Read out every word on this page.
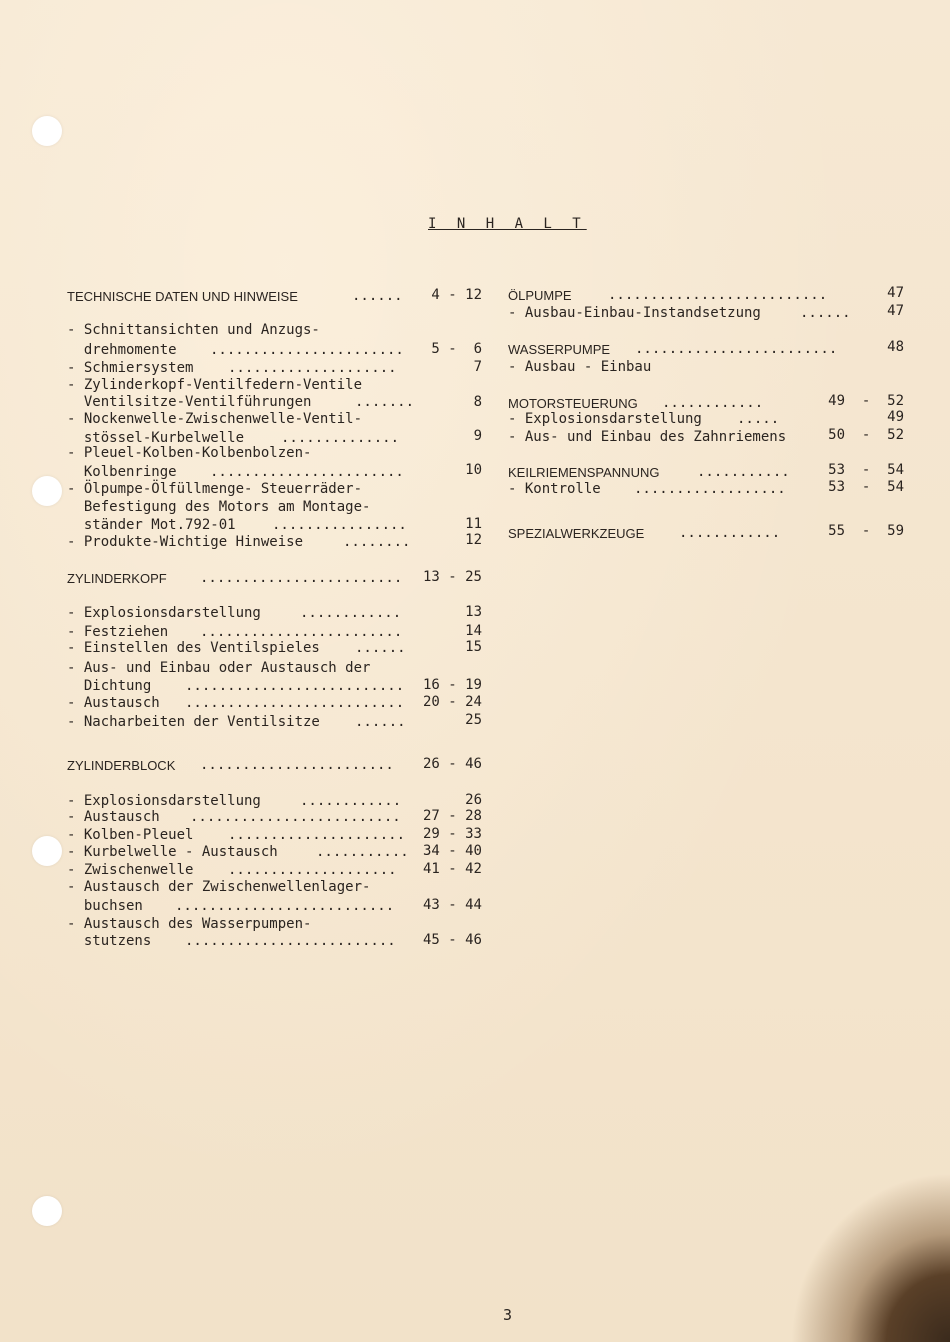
I N H A L T
TECHNISCHE DATEN UND HINWEISE	...... 4 - 12
- Schnittansichten und Anzugs-
drehmomente ....................... 5 -  6
- Schmiersystem ....................	7
- Zylinderkopf-Ventilfedern-Ventile
Ventilsitze-Ventilführungen	.......	8
- Nockenwelle-Zwischenwelle-Ventil-
stössel-Kurbelwelle	..............	9
- Pleuel-Kolben-Kolbenbolzen-
Kolbenringe .......................	10
- Ölpumpe-Ölfüllmenge- Steuerräder-
Befestigung des Motors am Montage-
ständer Mot.792-01	................	11
- Produkte-Wichtige Hinweise	........	12
ZYLINDERKOPF ........................ 13 - 25
- Explosionsdarstellung	............	13
- Festziehen ........................	14
- Einstellen des Ventilspieles	......	15
- Aus- und Einbau oder Austausch der
Dichtung .......................... 16 - 19
- Austausch .......................... 20 - 24
- Nacharbeiten der Ventilsitze	......	25
ZYLINDERBLOCK ....................... 26 - 46
- Explosionsdarstellung	............	26
- Austausch ......................... 27 - 28
- Kolben-Pleuel ..................... 29 - 33
- Kurbelwelle - Austausch	........... 34 - 40
- Zwischenwelle .................... 41 - 42
- Austausch der Zwischenwellenlager-
buchsen .......................... 43 - 44
- Austausch des Wasserpumpen-
stutzens ......................... 45 - 46
ÖLPUMPE	..........................	47
- Ausbau-Einbau-Instandsetzung	......	47
WASSERPUMPE ........................	48
- Ausbau - Einbau
MOTORSTEUERUNG ............	49  -  52
- Explosionsdarstellung	.....	49
- Aus- und Einbau des Zahnriemens	50  -  52
KEILRIEMENSPANNUNG	...........	53  -  54
- Kontrolle ..................	53  -  54
SPEZIALWERKZEUGE ............	55  -  59
3
